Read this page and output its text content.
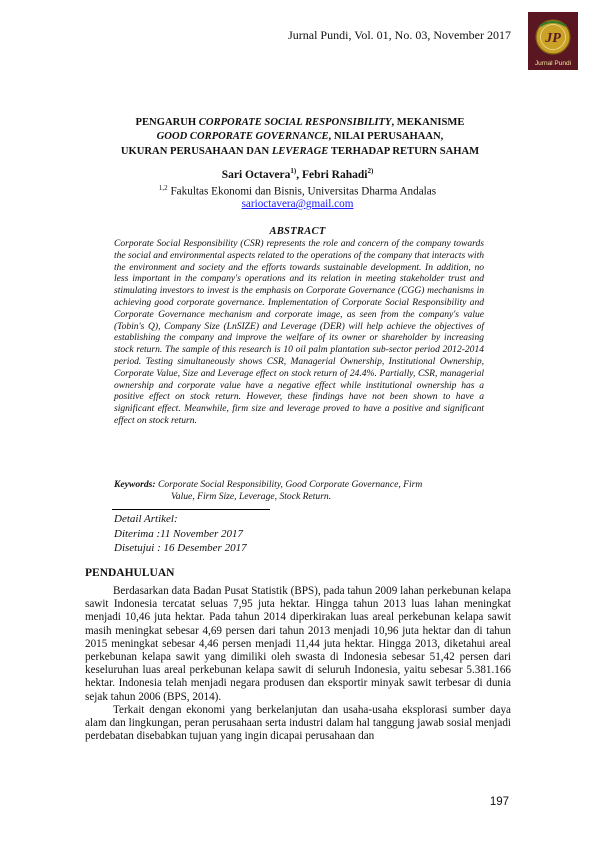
Jurnal Pundi, Vol. 01, No. 03, November 2017 JP
Jurnal Pundi

PENGARUH CORPORATE SOCIAL RESPONSIBILITY, MEKANISME

GOOD CORPORATE GOVERNANCE, NILAI PERUSAHAAN,

UKURAN PERUSAHAAN DAN LEVERAGE TERHADAP RETURN SAHAM

Sari Octavera$^{1)}$, Febri Rahadi$^{2)}$
$^{1,2}$ Fakultas Ekonomi dan Bisnis, Universitas Dharma Andalas
sarioctavera@gmail.com
ABSTRACT

Corporate Social Responsibility (CSR) represents the role and concern of the company towards the social and environmental aspects related to the operations of the company that interacts with the environment and society and the efforts towards sustainable development. In addition, no less important in the company's operations and its relation in meeting stakeholder trust and stimulating investors to invest is the emphasis on Corporate Governance (CGG) mechanisms in achieving good corporate governance. Implementation of Corporate Social Responsibility and Corporate Governance mechanism and corporate image, as seen from the company's value (Tobin's Q), Company Size (LnSIZE) and Leverage (DER) will help achieve the objectives of establishing the company and improve the welfare of its owner or shareholder by increasing stock return. The sample of this research is 10 oil palm plantation sub-sector period 2012-2014 period. Testing simultaneously shows CSR, Managerial Ownership, Institutional Ownership, Corporate Value, Size and Leverage effect on stock return of 24.4%. Partially, CSR, managerial ownership and corporate value have a negative effect while institutional ownership has a positive effect on stock return. However, these findings have not been shown to have a significant effect. Meanwhile, firm size and leverage proved to have a positive and significant effect on stock return.

Keywords: Corporate Social Responsibility, Good Corporate Governance, Firm
Value, Firm Size, Leverage, Stock Return.
Detail Artikel:
Diterima :11 November 2017
Disetujui : 16 Desember 2017
PENDAHULUAN

Berdasarkan data Badan Pusat Statistik (BPS), pada tahun 2009 lahan perkebunan kelapa sawit Indonesia tercatat seluas 7,95 juta hektar. Hingga tahun 2013 luas lahan meningkat menjadi 10,46 juta hektar. Pada tahun 2014 diperkirakan luas areal perkebunan kelapa sawit masih meningkat sebesar 4,69 persen dari tahun 2013 menjadi 10,96 juta hektar dan di tahun 2015 meningkat sebesar 4,46 persen menjadi 11,44 juta hektar. Hingga 2013, diketahui areal perkebunan kelapa sawit yang dimiliki oleh swasta di Indonesia sebesar 51,42 persen dari keseluruhan luas areal perkebunan kelapa sawit di seluruh Indonesia, yaitu sebesar 5.381.166 hektar. Indonesia telah menjadi negara produsen dan eksportir minyak sawit terbesar di dunia sejak tahun 2006 (BPS, 2014).

Terkait dengan ekonomi yang berkelanjutan dan usaha-usaha eksplorasi sumber daya alam dan lingkungan, peran perusahaan serta industri dalam hal tanggung jawab sosial menjadi perdebatan disebabkan tujuan yang ingin dicapai perusahaan dan

197
